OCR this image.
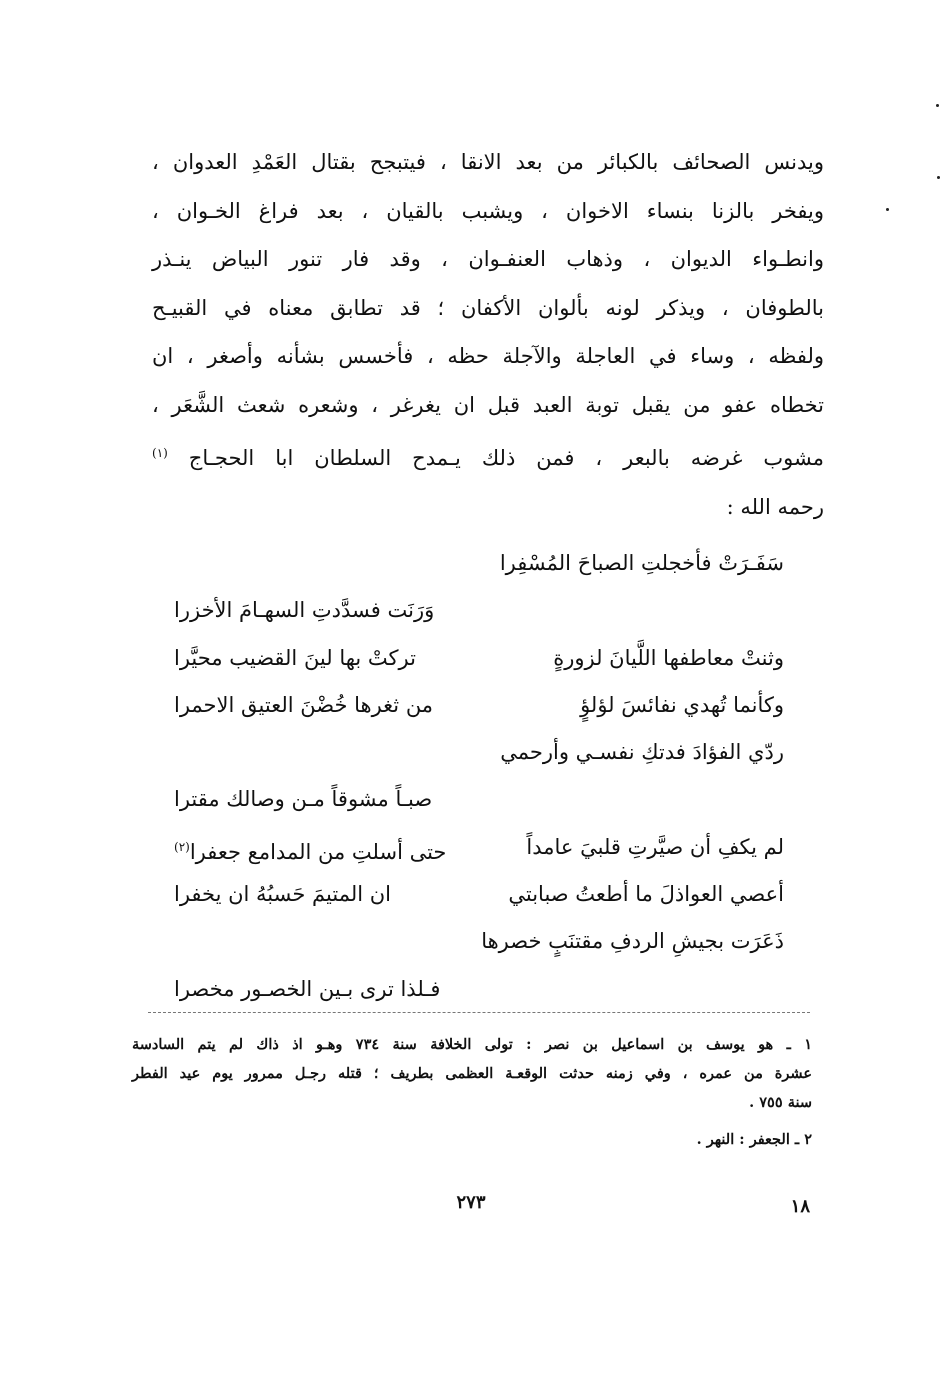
ويدنس الصحائف بالكبائر من بعد الانقا ، فيتبجح بقتال العَمْدِ العدوان ،
ويفخر بالزنا بنساء الاخوان ، ويشبب بالقيان ، بعد فراغ الخـوان ،
وانطـواء الديوان ، وذهاب العنفـوان ، وقد فار تنور البياض ينـذر
بالطوفان ، ويذكر لونه بألوان الأكفان ؛ قد تطابق معناه في القبيـح
ولفظه ، وساء في العاجلة والآجلة حظه ، فأخسس بشأنه وأصغر ، ان
تخطاه عفو من يقبل توبة العبد قبل ان يغرغر ، وشعره شعث الشَّعَر ،
مشوب غرضه بالبعر ، فمن ذلك يـمدح السلطان ابا الحجـاج $^{(١)}$
رحمه الله :
سَفَـرَتْ فأخجلتِ الصباحَ المُسْفِرا
وَرَنَت فسدَّدتِ السهـامَ الأخزرا
وثنتْ معاطفها اللَّيانَ لزورةٍ
تركتْ بها لينَ القضيب محيَّرا
وكأنما تُهدي نفائسَ لؤلؤٍ
من ثغرها خُضْنَ العتيق الاحمرا
ردّي الفؤادَ فدتكِ نفسـي وأرحمي
صبـاً مشوقاً مـن وصالك مقترا
لم يكفِ أن صيَّرتِ قلبيَ عامداً
حتى أسلتِ من المدامع جعفرا$^{(٢)}$
أعصي العواذلَ ما أطعتُ صبابتي
ان المتيمَ حَسبُهُ ان يخفرا
ذَعَرَت بجيشِ الردفِ مقتنَبٍ خصرها
فـلذا ترى بـين الخصـور مخصرا
١ ـ هو يوسف بن اسماعيل بن نصر : تولى الخلافة سنة ٧٣٤ وهـو اذ ذاك لم يتم السادسة
عشرة من عمره ، وفي زمنه حدثت الوقعـة العظمى بطريف ؛ قتله رجـل ممرور يوم عيد الفطر
سنة ٧٥٥ .
٢ ـ الجعفر : النهر .
٢٧٣	١٨
